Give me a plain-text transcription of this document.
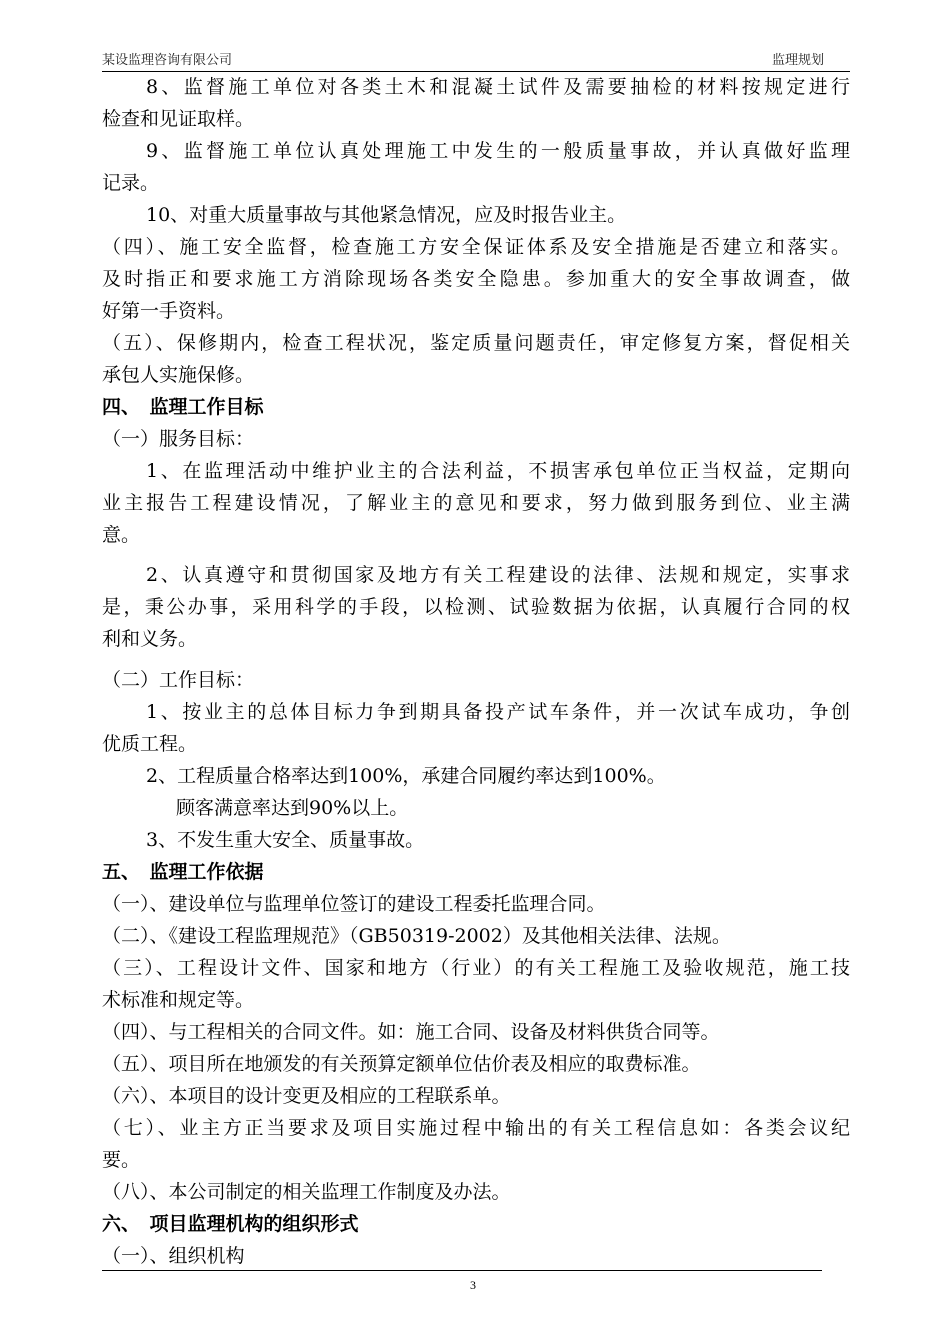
某设监理咨询有限公司	监理规划
8、监督施工单位对各类土木和混凝土试件及需要抽检的材料按规定进行
检查和见证取样。
9、监督施工单位认真处理施工中发生的一般质量事故，并认真做好监理
记录。
10、对重大质量事故与其他紧急情况，应及时报告业主。
（四）、施工安全监督，检查施工方安全保证体系及安全措施是否建立和落实。
及时指正和要求施工方消除现场各类安全隐患。参加重大的安全事故调查，做
好第一手资料。
（五）、保修期内，检查工程状况，鉴定质量问题责任，审定修复方案，督促相关
承包人实施保修。
四、　监理工作目标
（一）服务目标：
1、在监理活动中维护业主的合法利益，不损害承包单位正当权益，定期向
业主报告工程建设情况，了解业主的意见和要求，努力做到服务到位、业主满
意。
2、认真遵守和贯彻国家及地方有关工程建设的法律、法规和规定，实事求
是，秉公办事，采用科学的手段，以检测、试验数据为依据，认真履行合同的权
利和义务。
（二）工作目标：
1、按业主的总体目标力争到期具备投产试车条件，并一次试车成功，争创
优质工程。
2、工程质量合格率达到100%，承建合同履约率达到100%。
顾客满意率达到90%以上。
3、不发生重大安全、质量事故。
五、　监理工作依据
（一）、建设单位与监理单位签订的建设工程委托监理合同。
（二）、《建设工程监理规范》（GB50319-2002）及其他相关法律、法规。
（三）、工程设计文件、国家和地方（行业）的有关工程施工及验收规范，施工技
术标准和规定等。
（四）、与工程相关的合同文件。如：施工合同、设备及材料供货合同等。
（五）、项目所在地颁发的有关预算定额单位估价表及相应的取费标准。
（六）、本项目的设计变更及相应的工程联系单。
（七）、业主方正当要求及项目实施过程中输出的有关工程信息如：各类会议纪
要。
（八）、本公司制定的相关监理工作制度及办法。
六、　项目监理机构的组织形式
（一）、组织机构
3
